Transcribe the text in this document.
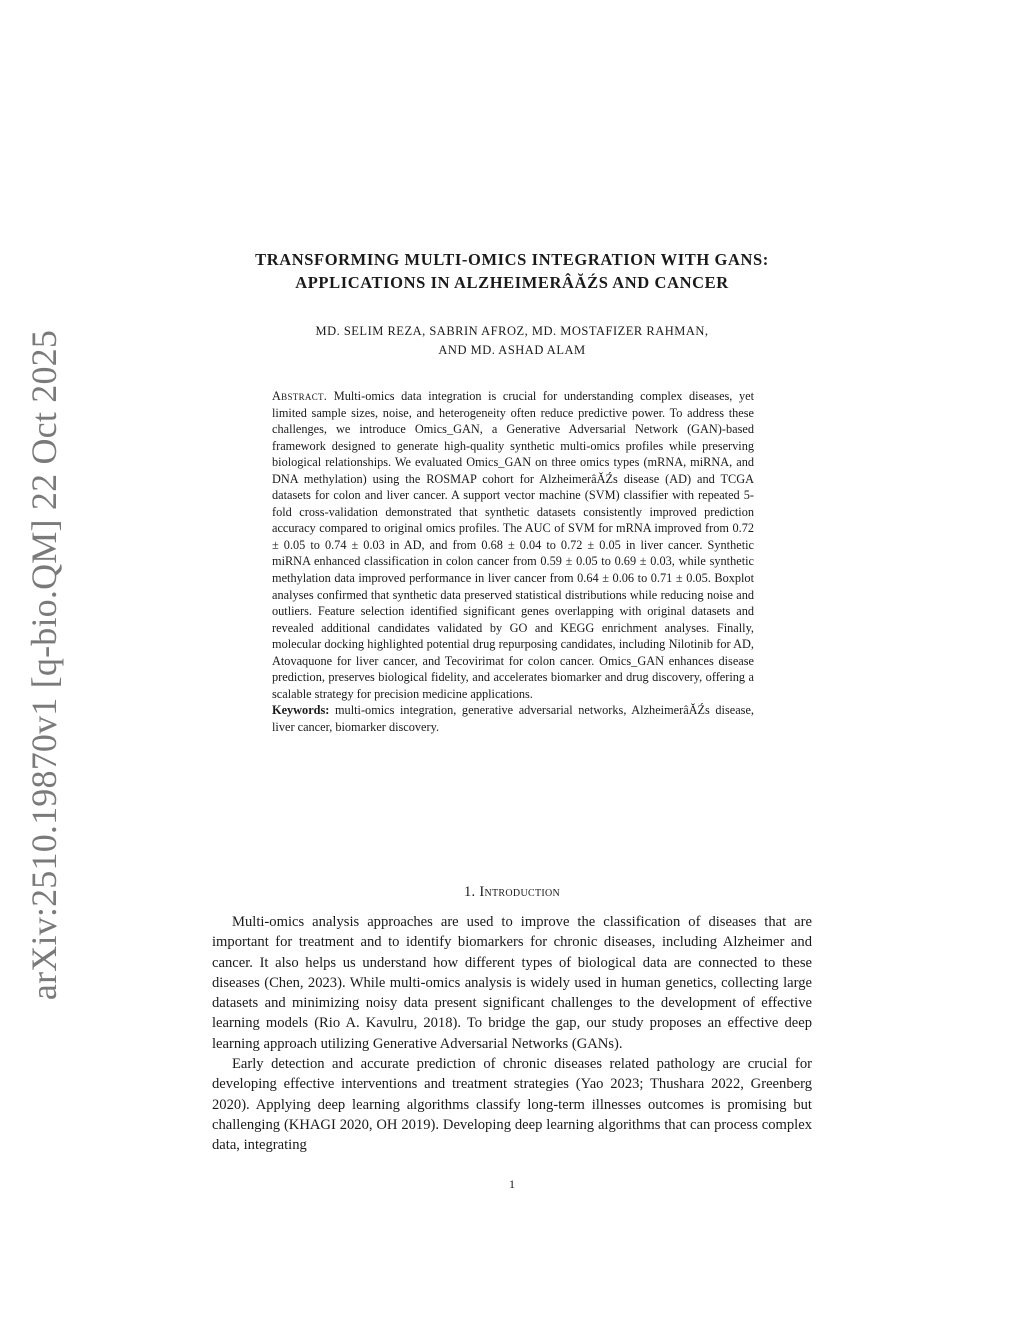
arXiv:2510.19870v1 [q-bio.QM] 22 Oct 2025
TRANSFORMING MULTI-OMICS INTEGRATION WITH GANS:
APPLICATIONS IN ALZHEIMERÂĂŹS AND CANCER
MD. SELIM REZA, SABRIN AFROZ, MD. MOSTAFIZER RAHMAN,
AND MD. ASHAD ALAM

Abstract. Multi-omics data integration is crucial for understanding complex diseases, yet limited sample sizes, noise, and heterogeneity often reduce predictive power. To address these challenges, we introduce Omics_GAN, a Generative Adversarial Network (GAN)-based framework designed to generate high-quality synthetic multi-omics profiles while preserving biological relationships. We evaluated Omics_GAN on three omics types (mRNA, miRNA, and DNA methylation) using the ROSMAP cohort for AlzheimerâĂŹs disease (AD) and TCGA datasets for colon and liver cancer. A support vector machine (SVM) classifier with repeated 5-fold cross-validation demonstrated that synthetic datasets consistently improved prediction accuracy compared to original omics profiles. The AUC of SVM for mRNA improved from 0.72 ± 0.05 to 0.74 ± 0.03 in AD, and from 0.68 ± 0.04 to 0.72 ± 0.05 in liver cancer. Synthetic miRNA enhanced classification in colon cancer from 0.59 ± 0.05 to 0.69 ± 0.03, while synthetic methylation data improved performance in liver cancer from 0.64 ± 0.06 to 0.71 ± 0.05. Boxplot analyses confirmed that synthetic data preserved statistical distributions while reducing noise and outliers. Feature selection identified significant genes overlapping with original datasets and revealed additional candidates validated by GO and KEGG enrichment analyses. Finally, molecular docking highlighted potential drug repurposing candidates, including Nilotinib for AD, Atovaquone for liver cancer, and Tecovirimat for colon cancer. Omics_GAN enhances disease prediction, preserves biological fidelity, and accelerates biomarker and drug discovery, offering a scalable strategy for precision medicine applications.

Keywords: multi-omics integration, generative adversarial networks, AlzheimerâĂŹs disease, liver cancer, biomarker discovery.

1. Introduction

Multi-omics analysis approaches are used to improve the classification of diseases that are important for treatment and to identify biomarkers for chronic diseases, including Alzheimer and cancer. It also helps us understand how different types of biological data are connected to these diseases (Chen, 2023). While multi-omics analysis is widely used in human genetics, collecting large datasets and minimizing noisy data present significant challenges to the development of effective learning models (Rio A. Kavulru, 2018). To bridge the gap, our study proposes an effective deep learning approach utilizing Generative Adversarial Networks (GANs).

Early detection and accurate prediction of chronic diseases related pathology are crucial for developing effective interventions and treatment strategies (Yao 2023; Thushara 2022, Greenberg 2020). Applying deep learning algorithms classify long-term illnesses outcomes is promising but challenging (KHAGI 2020, OH 2019). Developing deep learning algorithms that can process complex data, integrating

1
